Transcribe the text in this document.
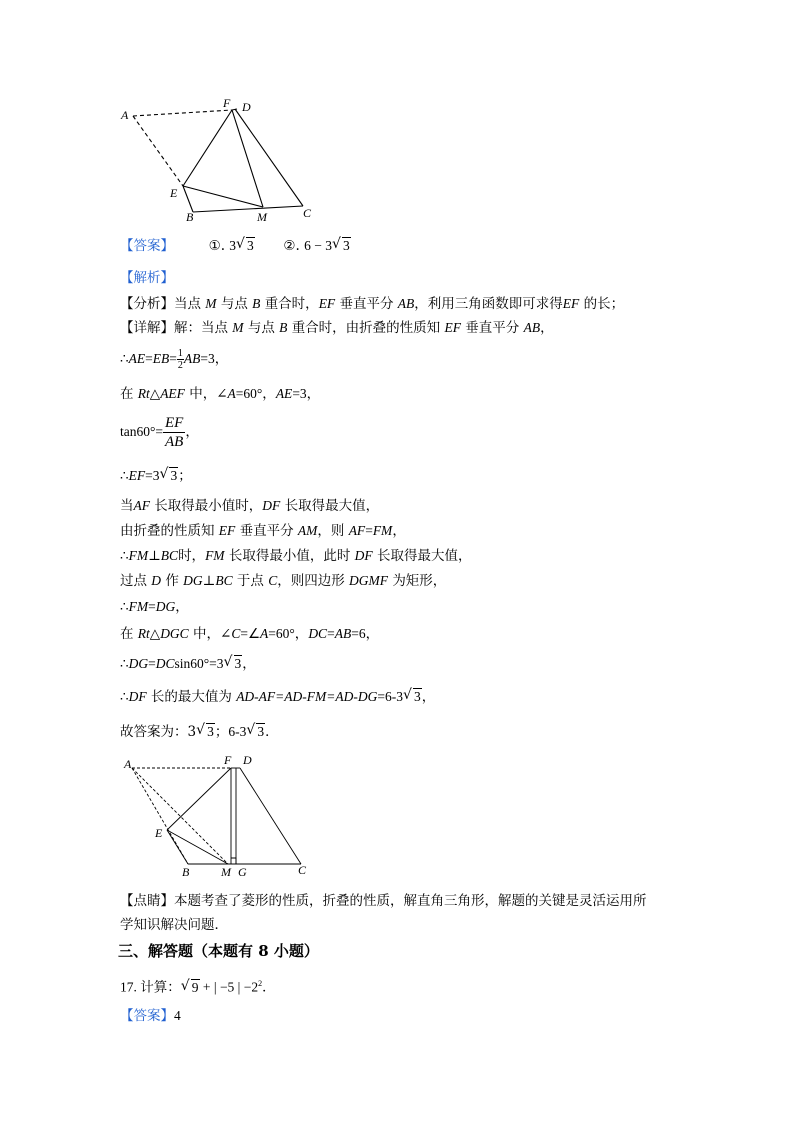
A
F D
E
B	M	C
【答案】	①. 3 √ 3 ②. 6 − 3 √ 3
【解析】
【分析】当点 M 与点 B 重合时，EF 垂直平分 AB，利用三角函数即可求得EF 的长；
【详解】解：当点 M 与点 B 重合时，由折叠的性质知 EF 垂直平分 AB，
∴AE=EB= $\frac{1}{2} AB=3$，
在 Rt△AEF 中，∠A=60°，AE=3，
$\tan 60^\circ= \frac{EF}{AB}$ ，
∴EF=3 √ 3；
当AF 长取得最小值时，DF 长取得最大值，
由折叠的性质知 EF 垂直平分 AM，则 AF=FM，
∴FM⊥BC时，FM 长取得最小值，此时 DF 长取得最大值，
过点 D 作 DG⊥BC 于点 C，则四边形 DGMF 为矩形，
∴FM=DG，
在 Rt△DGC 中，∠C=∠A=60°，DC=AB=6，
∴DG=DCsin60°=3 √ 3，
∴DF 长的最大值为 AD-AF=AD-FM=AD-DG=6-3 √ 3，
故答案为：3 √ 3；6-3 √ 3．
A	F D
E
B	M G	C
【点睛】本题考查了菱形的性质，折叠的性质，解直角三角形，解题的关键是灵活运用所
学知识解决问题．
三、解答题（本题有 8 小题）
17. 计算： √ 9 + | −5 | $-2^2$．
【答案】4
